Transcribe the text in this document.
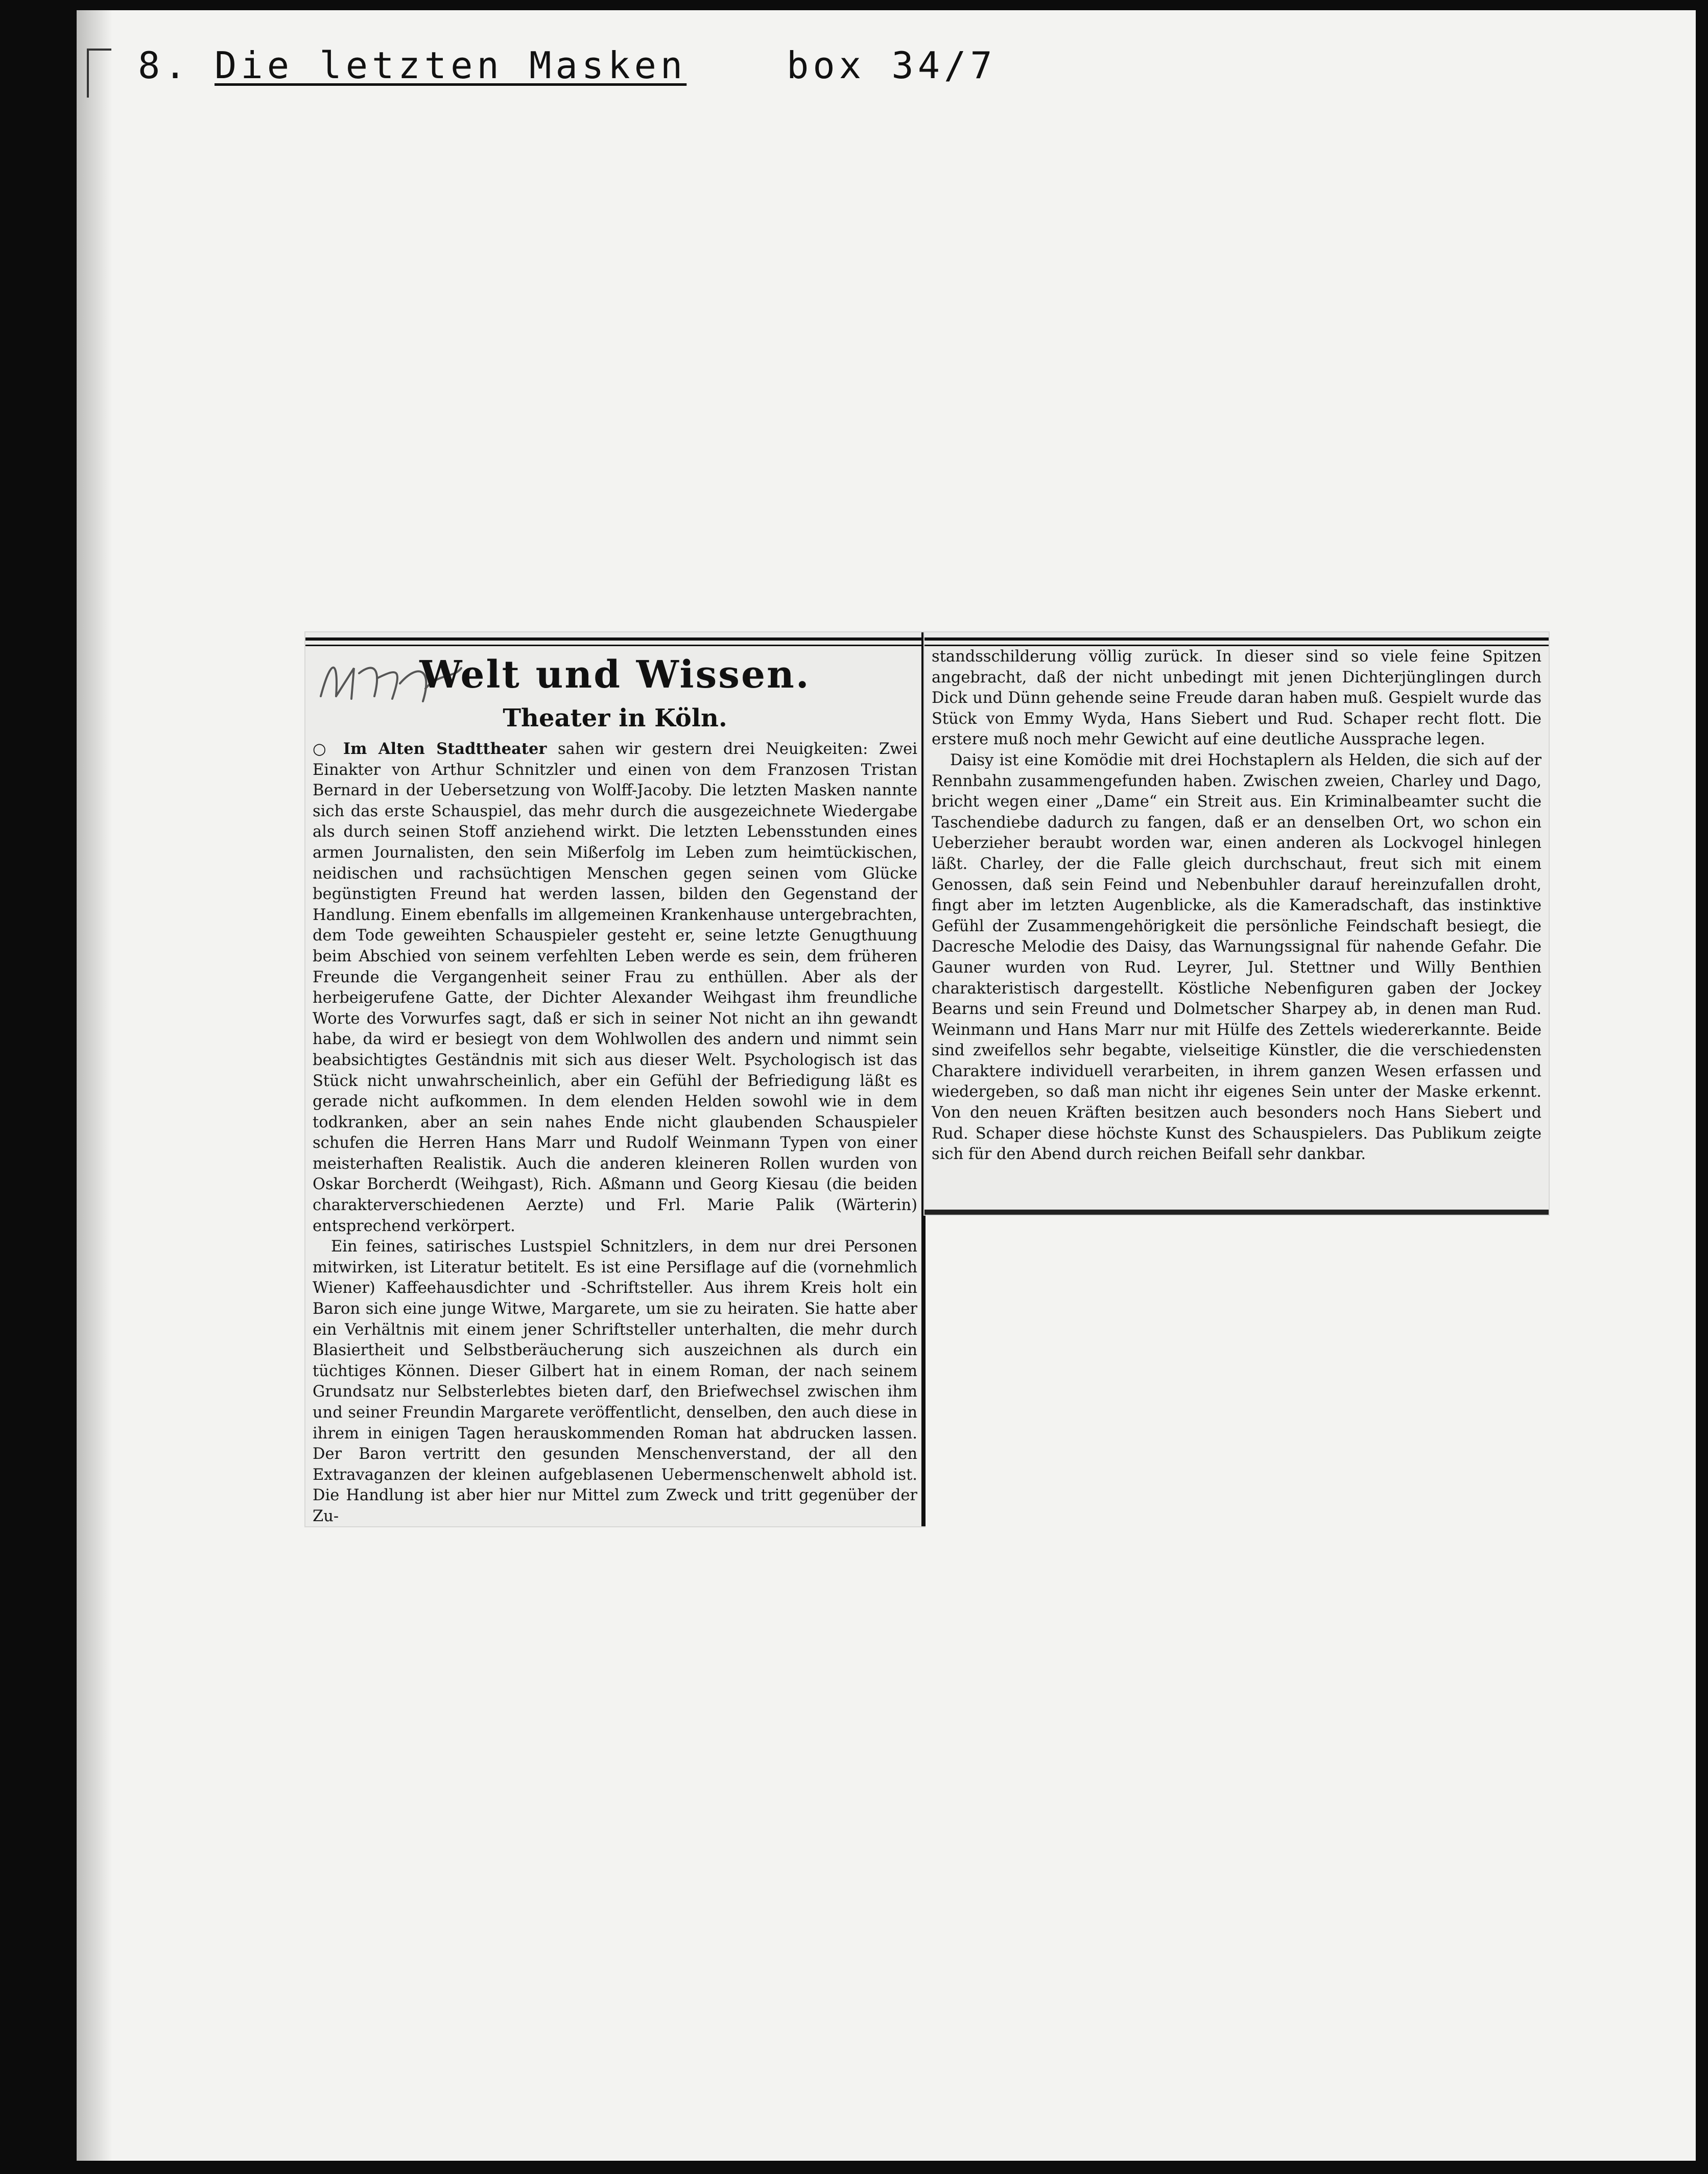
8. Die letzten Masken	box 34/7
Welt und Wissen.
Theater in Köln.

○ Im Alten Stadttheater sahen wir gestern drei Neuigkeiten: Zwei Einakter von Arthur Schnitzler und einen von dem Franzosen Tristan Bernard in der Uebersetzung von Wolff-Jacoby. Die letzten Masken nannte sich das erste Schauspiel, das mehr durch die ausgezeichnete Wiedergabe als durch seinen Stoff anziehend wirkt. Die letzten Lebensstunden eines armen Journalisten, den sein Mißerfolg im Leben zum heimtückischen, neidischen und rachsüchtigen Menschen gegen seinen vom Glücke begünstigten Freund hat werden lassen, bilden den Gegenstand der Handlung. Einem ebenfalls im allgemeinen Krankenhause untergebrachten, dem Tode geweihten Schauspieler gesteht er, seine letzte Genugthuung beim Abschied von seinem verfehlten Leben werde es sein, dem früheren Freunde die Vergangenheit seiner Frau zu enthüllen. Aber als der herbeigerufene Gatte, der Dichter Alexander Weihgast ihm freundliche Worte des Vorwurfes sagt, daß er sich in seiner Not nicht an ihn gewandt habe, da wird er besiegt von dem Wohlwollen des andern und nimmt sein beabsichtigtes Geständnis mit sich aus dieser Welt. Psychologisch ist das Stück nicht unwahrscheinlich, aber ein Gefühl der Befriedigung läßt es gerade nicht aufkommen. In dem elenden Helden sowohl wie in dem todkranken, aber an sein nahes Ende nicht glaubenden Schauspieler schufen die Herren Hans Marr und Rudolf Weinmann Typen von einer meisterhaften Realistik. Auch die anderen kleineren Rollen wurden von Oskar Borcherdt (Weihgast), Rich. Aßmann und Georg Kiesau (die beiden charakterverschiedenen Aerzte) und Frl. Marie Palik (Wärterin) entsprechend verkörpert.

Ein feines, satirisches Lustspiel Schnitzlers, in dem nur drei Personen mitwirken, ist Literatur betitelt. Es ist eine Persiflage auf die (vornehmlich Wiener) Kaffeehausdichter und -Schriftsteller. Aus ihrem Kreis holt ein Baron sich eine junge Witwe, Margarete, um sie zu heiraten. Sie hatte aber ein Verhältnis mit einem jener Schriftsteller unterhalten, die mehr durch Blasiertheit und Selbstberäucherung sich auszeichnen als durch ein tüchtiges Können. Dieser Gilbert hat in einem Roman, der nach seinem Grundsatz nur Selbsterlebtes bieten darf, den Briefwechsel zwischen ihm und seiner Freundin Margarete veröffentlicht, denselben, den auch diese in ihrem in einigen Tagen herauskommenden Roman hat abdrucken lassen. Der Baron vertritt den gesunden Menschenverstand, der all den Extravaganzen der kleinen aufgeblasenen Uebermenschenwelt abhold ist. Die Handlung ist aber hier nur Mittel zum Zweck und tritt gegenüber der Zu-

standsschilderung völlig zurück. In dieser sind so viele feine Spitzen angebracht, daß der nicht unbedingt mit jenen Dichterjünglingen durch Dick und Dünn gehende seine Freude daran haben muß. Gespielt wurde das Stück von Emmy Wyda, Hans Siebert und Rud. Schaper recht flott. Die erstere muß noch mehr Gewicht auf eine deutliche Aussprache legen.

Daisy ist eine Komödie mit drei Hochstaplern als Helden, die sich auf der Rennbahn zusammengefunden haben. Zwischen zweien, Charley und Dago, bricht wegen einer „Dame“ ein Streit aus. Ein Kriminalbeamter sucht die Taschendiebe dadurch zu fangen, daß er an denselben Ort, wo schon ein Ueberzieher beraubt worden war, einen anderen als Lockvogel hinlegen läßt. Charley, der die Falle gleich durchschaut, freut sich mit einem Genossen, daß sein Feind und Nebenbuhler darauf hereinzufallen droht, fingt aber im letzten Augenblicke, als die Kameradschaft, das instinktive Gefühl der Zusammengehörigkeit die persönliche Feindschaft besiegt, die Dacresche Melodie des Daisy, das Warnungssignal für nahende Gefahr. Die Gauner wurden von Rud. Leyrer, Jul. Stettner und Willy Benthien charakteristisch dargestellt. Köstliche Nebenfiguren gaben der Jockey Bearns und sein Freund und Dolmetscher Sharpey ab, in denen man Rud. Weinmann und Hans Marr nur mit Hülfe des Zettels wiedererkannte. Beide sind zweifellos sehr begabte, vielseitige Künstler, die die verschiedensten Charaktere individuell verarbeiten, in ihrem ganzen Wesen erfassen und wiedergeben, so daß man nicht ihr eigenes Sein unter der Maske erkennt. Von den neuen Kräften besitzen auch besonders noch Hans Siebert und Rud. Schaper diese höchste Kunst des Schauspielers. Das Publikum zeigte sich für den Abend durch reichen Beifall sehr dankbar.
